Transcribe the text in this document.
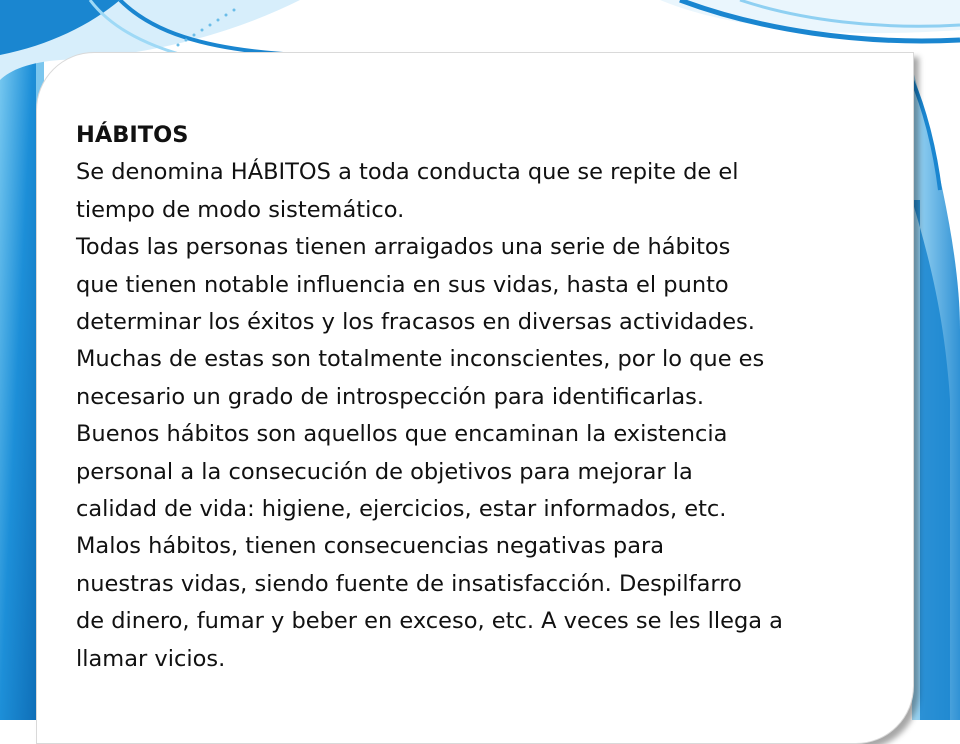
HÁBITOS

Se denomina HÁBITOS a toda conducta que se repite de el

tiempo de modo sistemático.

Todas las personas tienen arraigados una serie de hábitos

que tienen notable influencia en sus vidas, hasta el punto

determinar los éxitos y los fracasos en diversas actividades.

Muchas de estas son totalmente inconscientes, por lo que es

necesario un grado de introspección para identificarlas.

Buenos hábitos son aquellos que encaminan la existencia

personal a la consecución de objetivos para mejorar la

calidad de vida: higiene, ejercicios, estar informados, etc.

Malos hábitos, tienen consecuencias negativas para

nuestras vidas, siendo fuente de insatisfacción. Despilfarro

de dinero, fumar y beber en exceso, etc. A veces se les llega a

llamar vicios.
